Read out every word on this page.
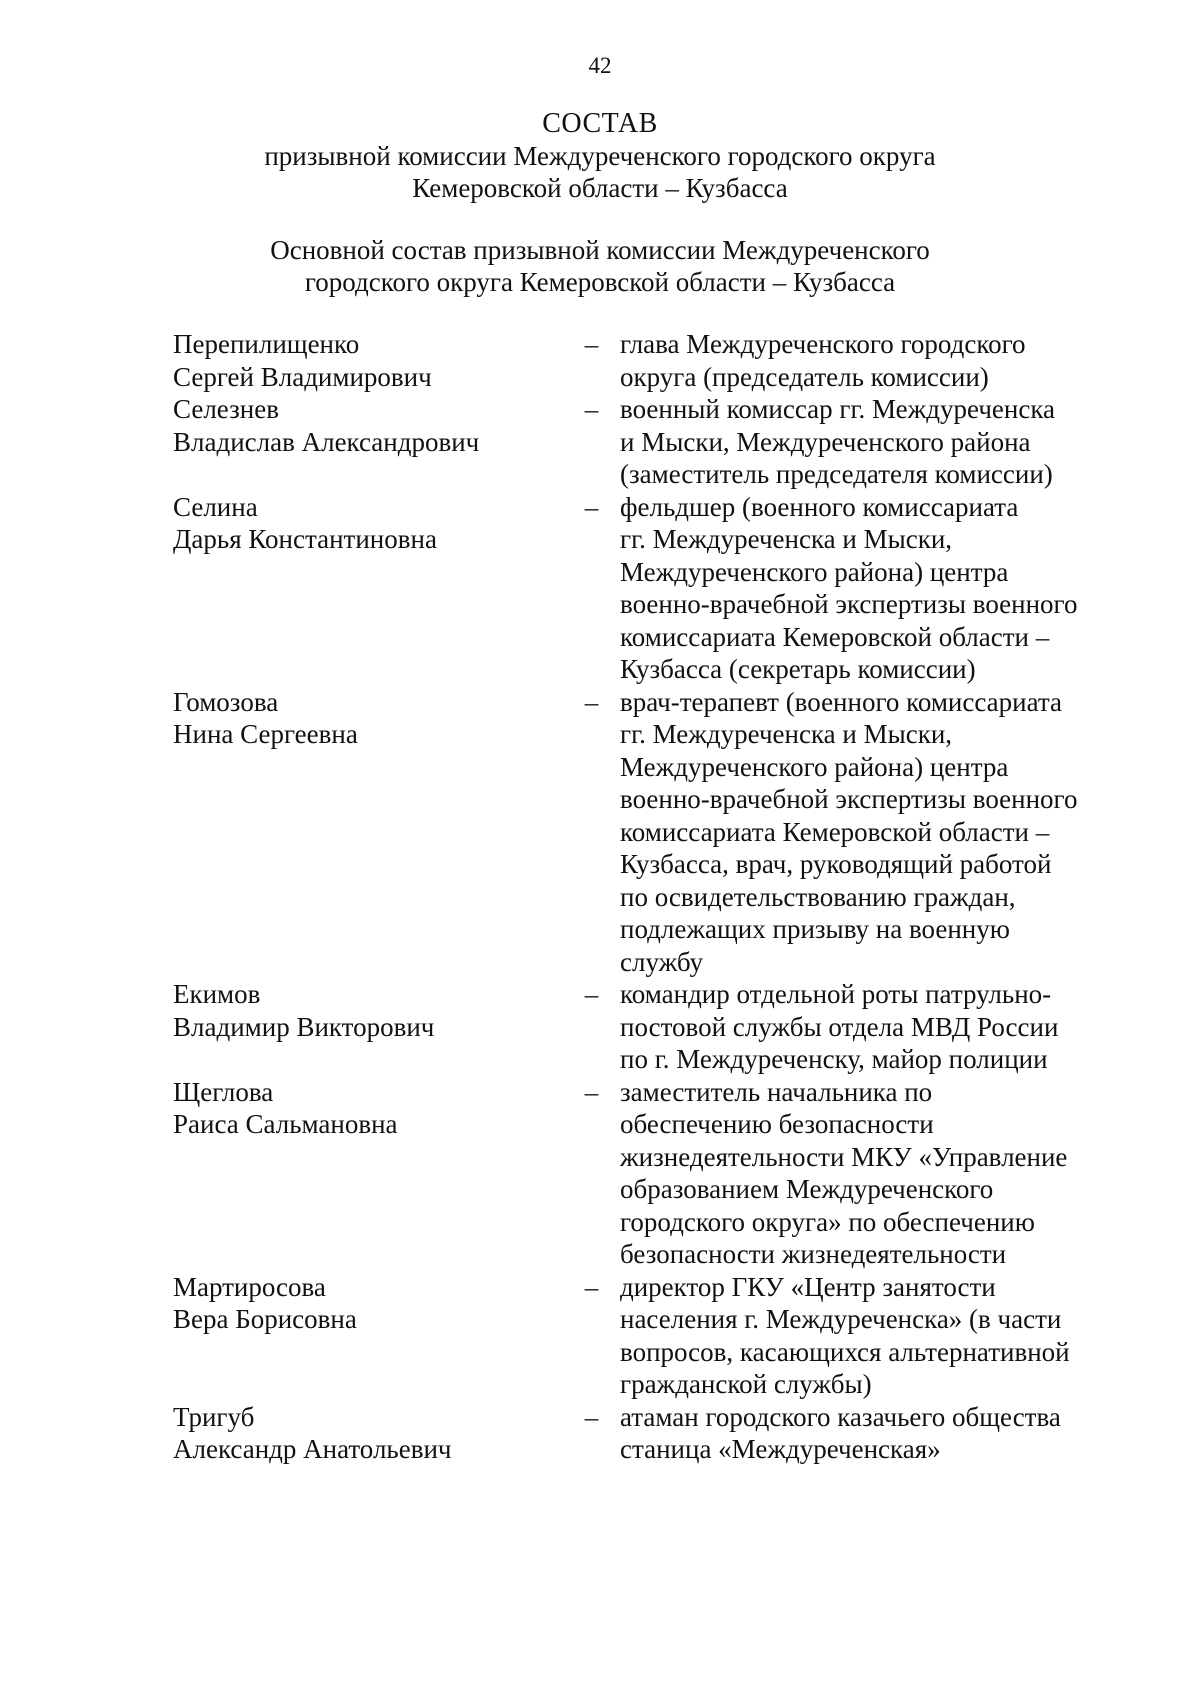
42
СОСТАВ
призывной комиссии Междуреченского городского округа
Кемеровской области – Кузбасса
Основной состав призывной комиссии Междуреченского
городского округа Кемеровской области – Кузбасса
Перепилищенко
Сергей Владимирович
– глава Междуреченского городского
округа (председатель комиссии)
Селезнев
Владислав Александрович
– военный комиссар гг. Междуреченска
и Мыски, Междуреченского района
(заместитель председателя комиссии)
Селина
Дарья Константиновна
– фельдшер (военного комиссариата
гг. Междуреченска и Мыски,
Междуреченского района) центра
военно-врачебной экспертизы военного
комиссариата Кемеровской области –
Кузбасса (секретарь комиссии)
Гомозова
Нина Сергеевна
– врач-терапевт (военного комиссариата
гг. Междуреченска и Мыски,
Междуреченского района) центра
военно-врачебной экспертизы военного
комиссариата Кемеровской области –
Кузбасса, врач, руководящий работой
по освидетельствованию граждан,
подлежащих призыву на военную
службу
Екимов
Владимир Викторович
– командир отдельной роты патрульно-
постовой службы отдела МВД России
по г. Междуреченску, майор полиции
Щеглова
Раиса Сальмановна
– заместитель начальника по
обеспечению безопасности
жизнедеятельности МКУ «Управление
образованием Междуреченского
городского округа» по обеспечению
безопасности жизнедеятельности
Мартиросова
Вера Борисовна
– директор ГКУ «Центр занятости
населения г. Междуреченска» (в части
вопросов, касающихся альтернативной
гражданской службы)
Тригуб
Александр Анатольевич
– атаман городского казачьего общества
станица «Междуреченская»
